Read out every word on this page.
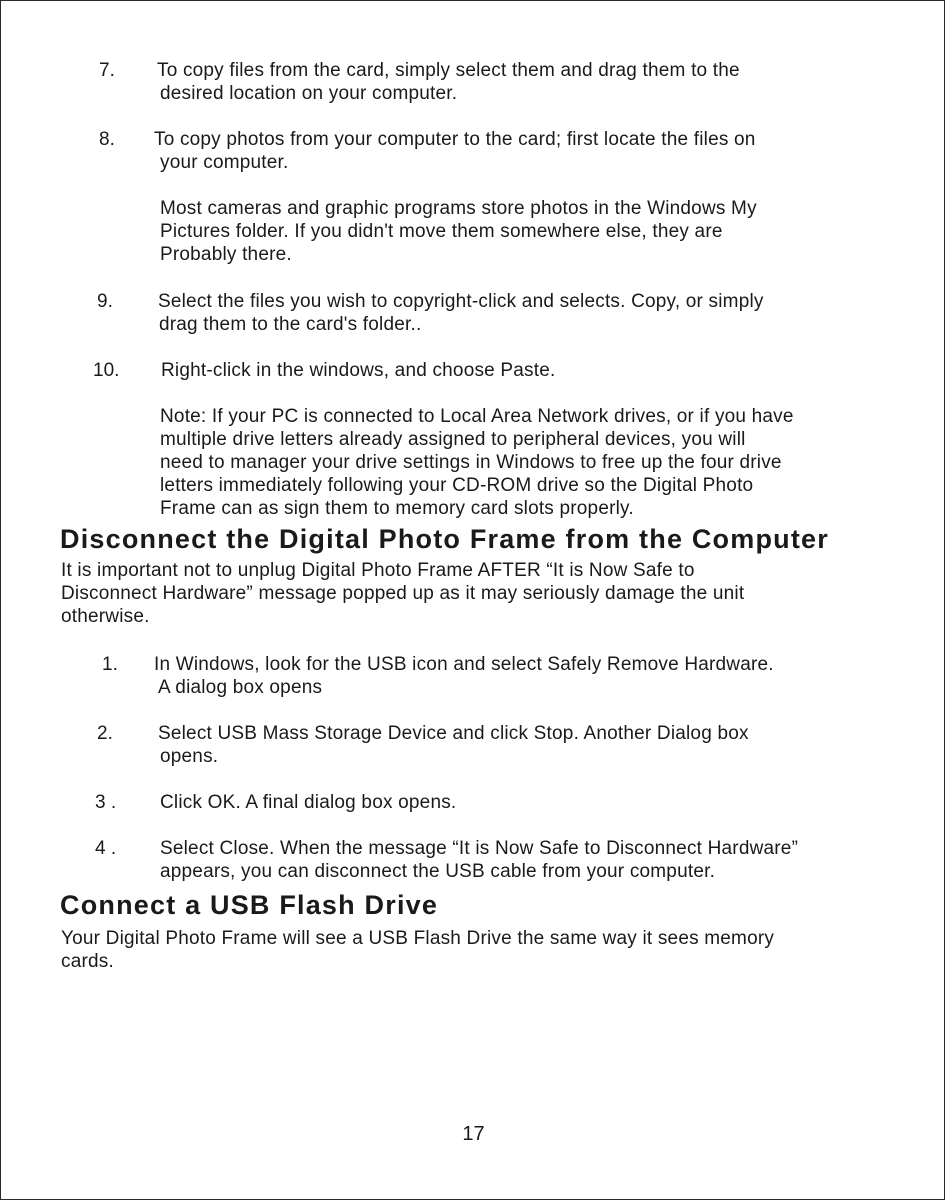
7. To copy files from the card, simply select them and drag them to the
desired location on your computer.
8. To copy photos from your computer to the card; first locate the files on
your computer.
Most cameras and graphic programs store photos in the Windows My
Pictures folder. If you didn't move them somewhere else, they are
Probably there.
9. Select the files you wish to copyright-click and selects. Copy, or simply
drag them to the card's folder..
10. Right-click in the windows, and choose Paste.
Note: If your PC is connected to Local Area Network drives, or if you have
multiple drive letters already assigned to peripheral devices, you will
need to manager your drive settings in Windows to free up the four drive
letters immediately following your CD-ROM drive so the Digital Photo
Frame can as sign them to memory card slots properly.
Disconnect the Digital Photo Frame from the Computer
It is important not to unplug Digital Photo Frame AFTER “It is Now Safe to
Disconnect Hardware” message popped up as it may seriously damage the unit
otherwise.
1. In Windows, look for the USB icon and select Safely Remove Hardware.
A dialog box opens
2. Select USB Mass Storage Device and click Stop. Another Dialog box
opens.
3 . Click OK. A final dialog box opens.
4 . Select Close. When the message “It is Now Safe to Disconnect Hardware”
appears, you can disconnect the USB cable from your computer.
Connect a USB Flash Drive
Your Digital Photo Frame will see a USB Flash Drive the same way it sees memory
cards.
17
